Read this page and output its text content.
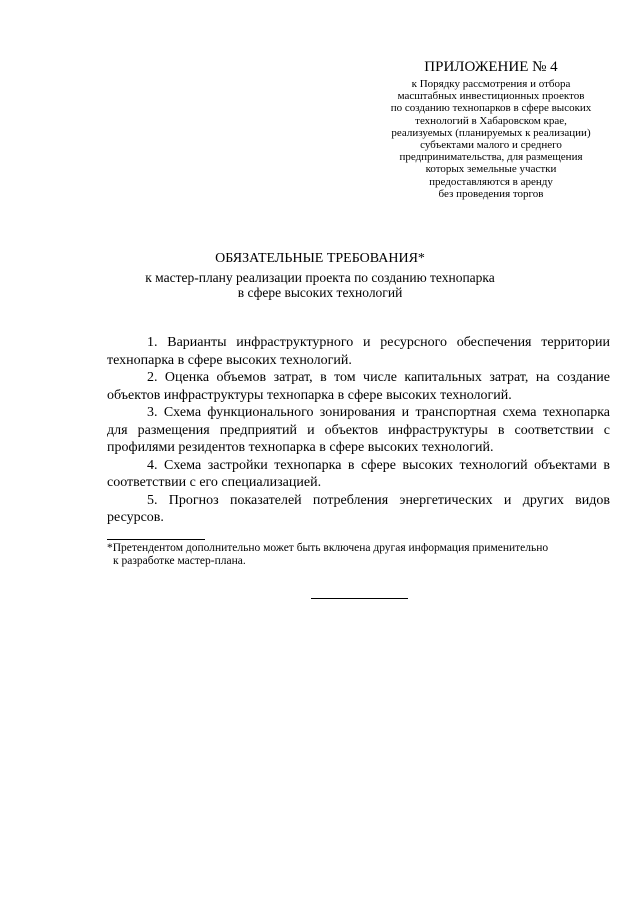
ПРИЛОЖЕНИЕ № 4
к Порядку рассмотрения и отбора
масштабных инвестиционных проектов
по созданию технопарков в сфере высоких
технологий в Хабаровском крае,
реализуемых (планируемых к реализации)
субъектами малого и среднего
предпринимательства, для размещения
которых земельные участки
предоставляются в аренду
без проведения торгов
ОБЯЗАТЕЛЬНЫЕ ТРЕБОВАНИЯ*
к мастер-плану реализации проекта по созданию технопарка
в сфере высоких технологий

1. Варианты инфраструктурного и ресурсного обеспечения территории технопарка в сфере высоких технологий.

2. Оценка объемов затрат, в том числе капитальных затрат, на создание объектов инфраструктуры технопарка в сфере высоких технологий.

3. Схема функционального зонирования и транспортная схема технопарка для размещения предприятий и объектов инфраструктуры в соответствии с профилями резидентов технопарка в сфере высоких технологий.

4. Схема застройки технопарка в сфере высоких технологий объектами в соответствии с его специализацией.

5. Прогноз показателей потребления энергетических и других видов ресурсов.

*Претендентом дополнительно может быть включена другая информация применительно
к разработке мастер-плана.
